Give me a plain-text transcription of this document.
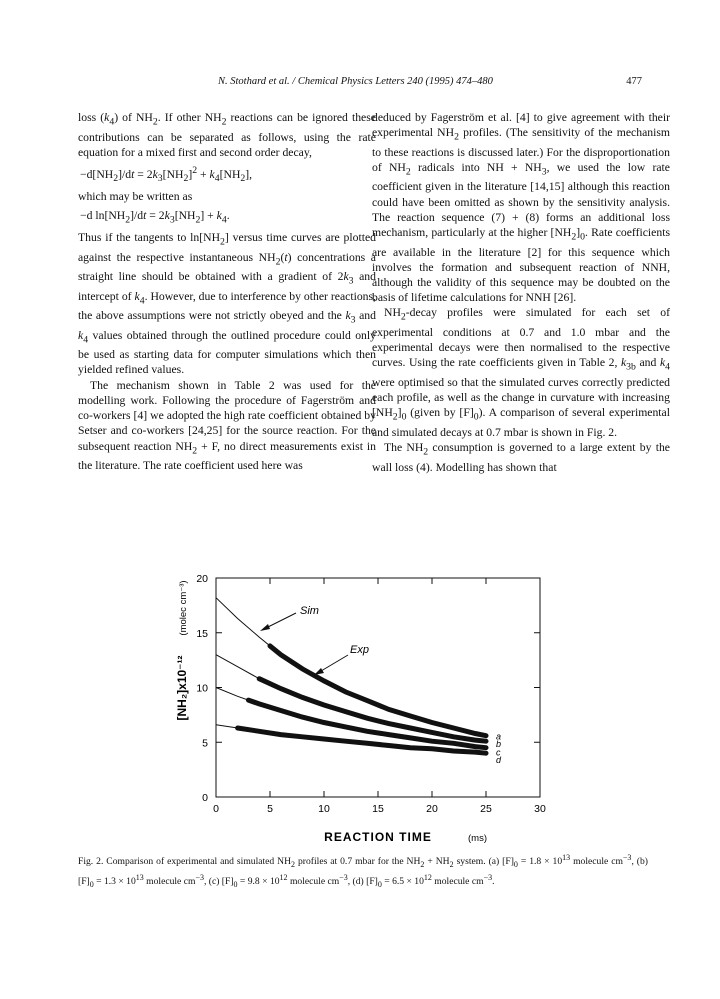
N. Stothard et al. / Chemical Physics Letters 240 (1995) 474–480	477

loss $(k_4)$ of $NH_2$. If other $NH_2$ reactions can be ignored these contributions can be separated as follows, using the rate equation for a mixed first and second order decay,

$-d[NH_2]/dt = 2k_3[NH_2]^2 + k_4[NH_2]$,

which may be written as

−d $\ln[NH_2]/dt = 2k_3[NH_2] + k_4$.

Thus if the tangents to $\ln[NH_2]$ versus time curves are plotted against the respective instantaneous $NH_2(t)$ concentrations a straight line should be obtained with a gradient of $2k_3$ and intercept of $k_4$. However, due to interference by other reactions, the above assumptions were not strictly obeyed and the $k_3$ and $k_4$ values obtained through the outlined procedure could only be used as starting data for computer simulations which then yielded refined values.

The mechanism shown in Table 2 was used for the modelling work. Following the procedure of Fagerström and co-workers [4] we adopted the high rate coefficient obtained by Setser and co-workers [24,25] for the source reaction. For the subsequent reaction $NH_2 + F$, no direct measurements exist in the literature. The rate coefficient used here was

deduced by Fagerström et al. [4] to give agreement with their experimental $NH_2$ profiles. (The sensitivity of the mechanism to these reactions is discussed later.) For the disproportionation of $NH_2$ radicals into NH + $NH_3$, we used the low rate coefficient given in the literature [14,15] although this reaction could have been omitted as shown by the sensitivity analysis. The reaction sequence (7) + (8) forms an additional loss mechanism, particularly at the higher $[NH_2]_0$. Rate coefficients are available in the literature [2] for this sequence which involves the formation and subsequent reaction of NNH, although the validity of this sequence may be doubted on the basis of lifetime calculations for NNH [26].

$NH_2$-decay profiles were simulated for each set of experimental conditions at 0.7 and 1.0 mbar and the experimental decays were then normalised to the respective curves. Using the rate coefficients given in Table 2, $k_{3b}$ and $k_4$ were optimised so that the simulated curves correctly predicted each profile, as well as the change in curvature with increasing $[NH_2]_0$ (given by $[F]_0$). A comparison of several experimental and simulated decays at 0.7 mbar is shown in Fig. 2.

The $NH_2$ consumption is governed to a large extent by the wall loss (4). Modelling has shown that

0	5	10	15	20	25	30
0
5
10
15
20
a
b
c
d
Sim
Exp
REACTION TIME	(ms)
[NH₂]x10⁻¹²
(molec cm⁻³)
Fig. 2. Comparison of experimental and simulated $NH_2$ profiles at 0.7 mbar for the $NH_2 + NH_2$ system. (a) $[F]_0 = 1.8 \times 10^{13}$ molecule $cm^{-3}$, (b) $[F]_0 = 1.3 \times 10^{13}$ molecule $cm^{-3}$, (c) $[F]_0 = 9.8 \times 10^{12}$ molecule $cm^{-3}$, (d) $[F]_0 = 6.5 \times 10^{12}$ molecule $cm^{-3}$.
